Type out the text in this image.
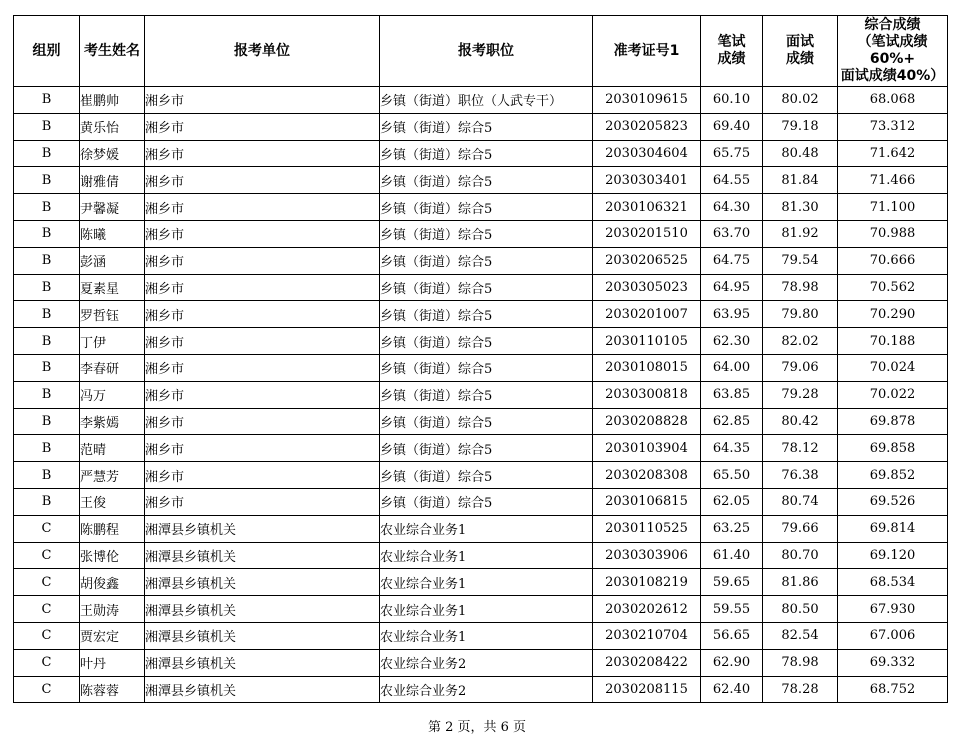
组别	考生姓名	报考单位	报考职位	准考证号1	笔试成绩	面试成绩	综合成绩
（笔试成绩60%+
面试成绩40%）

B	崔鹏帅	湘乡市	乡镇（街道）职位（人武专干）	2030109615	60.10	80.02	68.068
B	黄乐怡	湘乡市	乡镇（街道）综合5	2030205823	69.40	79.18	73.312
B	徐梦媛	湘乡市	乡镇（街道）综合5	2030304604	65.75	80.48	71.642
B	谢雅倩	湘乡市	乡镇（街道）综合5	2030303401	64.55	81.84	71.466
B	尹馨凝	湘乡市	乡镇（街道）综合5	2030106321	64.30	81.30	71.100
B	陈曦	湘乡市	乡镇（街道）综合5	2030201510	63.70	81.92	70.988
B	彭涵	湘乡市	乡镇（街道）综合5	2030206525	64.75	79.54	70.666
B	夏素星	湘乡市	乡镇（街道）综合5	2030305023	64.95	78.98	70.562
B	罗哲钰	湘乡市	乡镇（街道）综合5	2030201007	63.95	79.80	70.290
B	丁伊	湘乡市	乡镇（街道）综合5	2030110105	62.30	82.02	70.188
B	李春研	湘乡市	乡镇（街道）综合5	2030108015	64.00	79.06	70.024
B	冯万	湘乡市	乡镇（街道）综合5	2030300818	63.85	79.28	70.022
B	李紫嫣	湘乡市	乡镇（街道）综合5	2030208828	62.85	80.42	69.878
B	范晴	湘乡市	乡镇（街道）综合5	2030103904	64.35	78.12	69.858
B	严慧芳	湘乡市	乡镇（街道）综合5	2030208308	65.50	76.38	69.852
B	王俊	湘乡市	乡镇（街道）综合5	2030106815	62.05	80.74	69.526
C	陈鹏程	湘潭县乡镇机关	农业综合业务1	2030110525	63.25	79.66	69.814
C	张博伦	湘潭县乡镇机关	农业综合业务1	2030303906	61.40	80.70	69.120
C	胡俊鑫	湘潭县乡镇机关	农业综合业务1	2030108219	59.65	81.86	68.534
C	王勋涛	湘潭县乡镇机关	农业综合业务1	2030202612	59.55	80.50	67.930
C	贾宏定	湘潭县乡镇机关	农业综合业务1	2030210704	56.65	82.54	67.006
C	叶丹	湘潭县乡镇机关	农业综合业务2	2030208422	62.90	78.98	69.332
C	陈蓉蓉	湘潭县乡镇机关	农业综合业务2	2030208115	62.40	78.28	68.752
第 2 页，共 6 页
